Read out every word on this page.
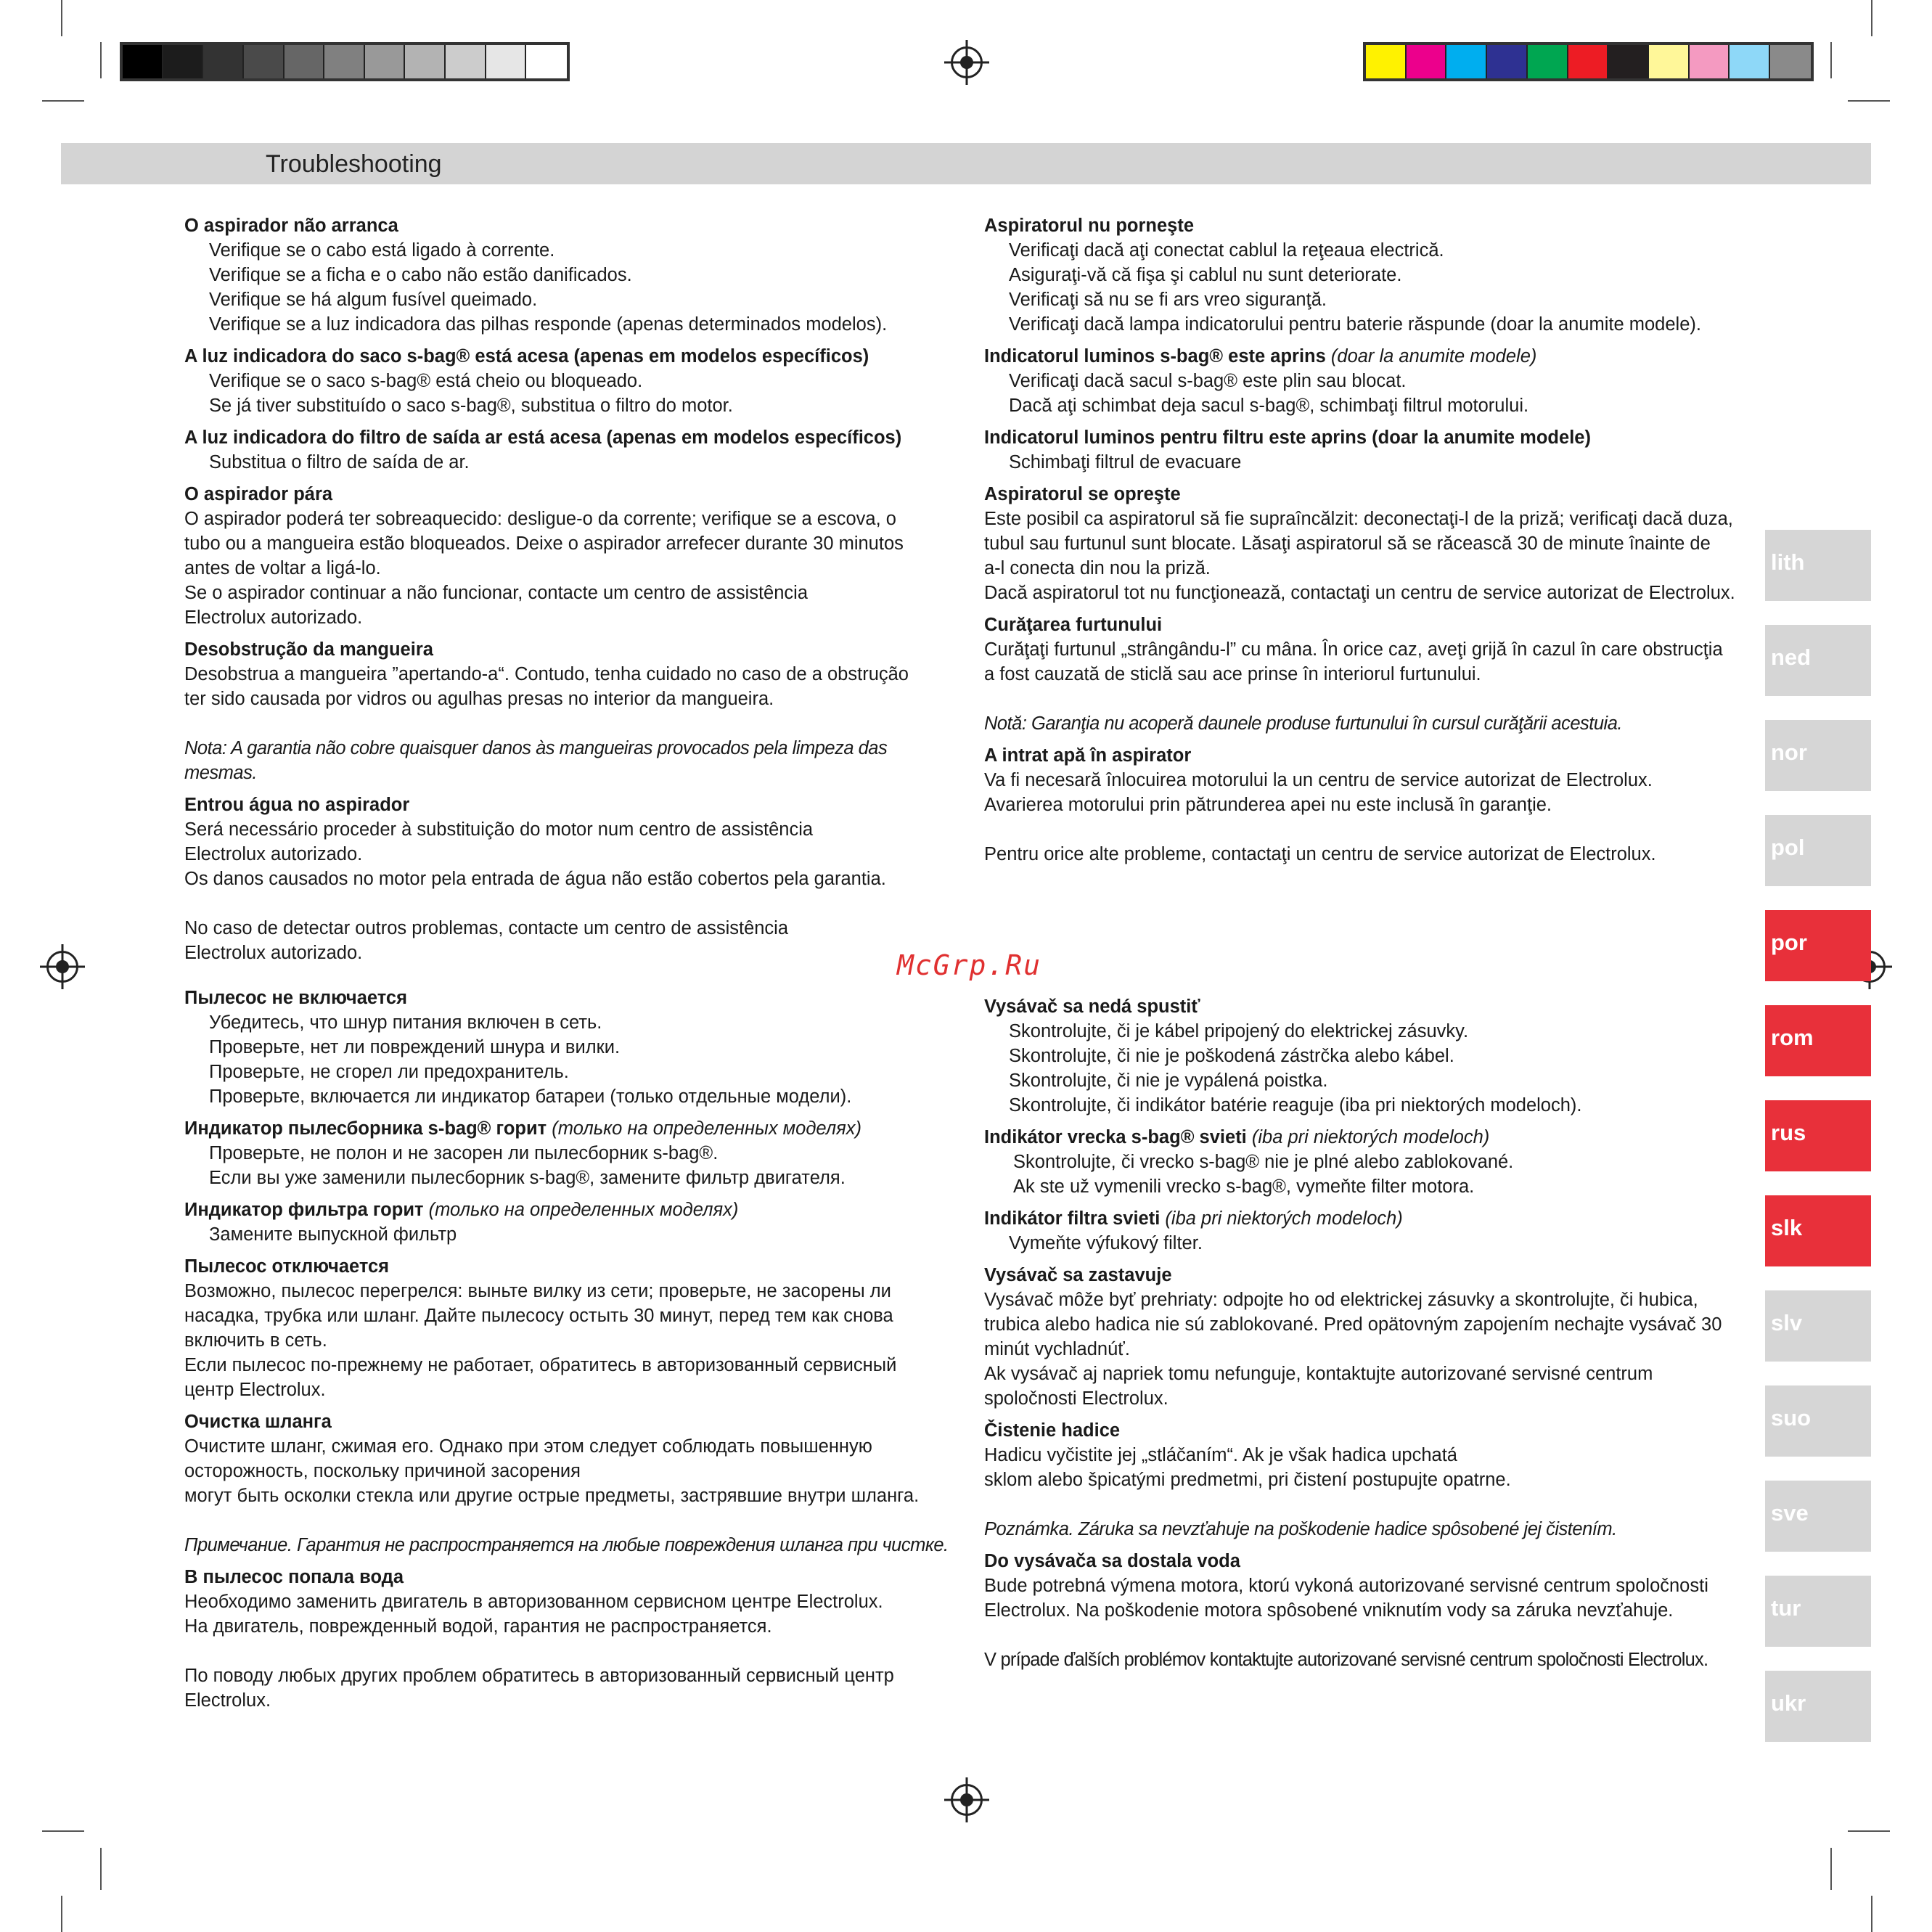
Troubleshooting
O aspirador não arranca
Verifique se o cabo está ligado à corrente.
Verifique se a ficha e o cabo não estão danificados.
Verifique se há algum fusível queimado.
Verifique se a luz indicadora das pilhas responde (apenas determinados modelos).
A luz indicadora do saco s-bag® está acesa (apenas em modelos específicos)
Verifique se o saco s-bag® está cheio ou bloqueado.
Se já tiver substituído o saco s-bag®, substitua o filtro do motor.
A luz indicadora do filtro de saída ar está acesa (apenas em modelos específicos)
Substitua o filtro de saída de ar.
O aspirador pára
O aspirador poderá ter sobreaquecido: desligue-o da corrente; verifique se a escova, o
tubo ou a mangueira estão bloqueados. Deixe o aspirador arrefecer durante 30 minutos
antes de voltar a ligá-lo.
Se o aspirador continuar a não funcionar, contacte um centro de assistência
Electrolux autorizado.
Desobstrução da mangueira
Desobstrua a mangueira ”apertando-a“. Contudo, tenha cuidado no caso de a obstrução
ter sido causada por vidros ou agulhas presas no interior da mangueira.
Nota: A garantia não cobre quaisquer danos às mangueiras provocados pela limpeza das mesmas.
Entrou água no aspirador
Será necessário proceder à substituição do motor num centro de assistência
Electrolux autorizado.
Os danos causados no motor pela entrada de água não estão cobertos pela garantia.
No caso de detectar outros problemas, contacte um centro de assistência
Electrolux autorizado.
Aspiratorul nu porneşte
Verificaţi dacă aţi conectat cablul la reţeaua electrică.
Asiguraţi-vă că fişa şi cablul nu sunt deteriorate.
Verificaţi să nu se fi ars vreo siguranţă.
Verificaţi dacă lampa indicatorului pentru baterie răspunde (doar la anumite modele).
Indicatorul luminos s-bag® este aprins (doar la anumite modele)
Verificaţi dacă sacul s-bag® este plin sau blocat.
Dacă aţi schimbat deja sacul s-bag®, schimbaţi filtrul motorului.
Indicatorul luminos pentru filtru este aprins (doar la anumite modele)
Schimbaţi filtrul de evacuare
Aspiratorul se opreşte
Este posibil ca aspiratorul să fie supraîncălzit: deconectaţi-l de la priză; verificaţi dacă duza,
tubul sau furtunul sunt blocate. Lăsaţi aspiratorul să se răcească 30 de minute înainte de
a-l conecta din nou la priză.
Dacă aspiratorul tot nu funcţionează, contactaţi un centru de service autorizat de Electrolux.
Curăţarea furtunului
Curăţaţi furtunul „strângându-l” cu mâna. În orice caz, aveţi grijă în cazul în care obstrucţia
a fost cauzată de sticlă sau ace prinse în interiorul furtunului.
Notă: Garanţia nu acoperă daunele produse furtunului în cursul curăţării acestuia.
A intrat apă în aspirator
Va fi necesară înlocuirea motorului la un centru de service autorizat de Electrolux.
Avarierea motorului prin pătrunderea apei nu este inclusă în garanţie.
Pentru orice alte probleme, contactaţi un centru de service autorizat de Electrolux.
McGrp.Ru
Пылесос не включается
Убедитесь, что шнур питания включен в сеть.
Проверьте, нет ли повреждений шнура и вилки.
Проверьте, не сгорел ли предохранитель.
Проверьте, включается ли индикатор батареи (только отдельные модели).
Индикатор пылесборника s-bag® горит (только на определенных моделях)
Проверьте, не полон и не засорен ли пылесборник s-bag®.
Если вы уже заменили пылесборник s-bag®, замените фильтр двигателя.
Индикатор фильтра горит (только на определенных моделях)
Замените выпускной фильтр
Пылесос отключается
Возможно, пылесос перегрелся: выньте вилку из сети; проверьте, не засорены ли
насадка, трубка или шланг. Дайте пылесосу остыть 30 минут, перед тем как снова
включить в сеть.
Если пылесос по-прежнему не работает, обратитесь в авторизованный сервисный
центр Electrolux.
Очистка шланга
Очистите шланг, сжимая его. Однако при этом следует соблюдать повышенную
осторожность, поскольку причиной засорения
могут быть осколки стекла или другие острые предметы, застрявшие внутри шланга.
Примечание. Гарантия не распространяется на любые повреждения шланга при чистке.
В пылесос попала вода
Необходимо заменить двигатель в авторизованном сервисном центре Electrolux.
На двигатель, поврежденный водой, гарантия не распространяется.
По поводу любых других проблем обратитесь в авторизованный сервисный центр
Electrolux.
Vysávač sa nedá spustiť
Skontrolujte, či je kábel pripojený do elektrickej zásuvky.
Skontrolujte, či nie je poškodená zástrčka alebo kábel.
Skontrolujte, či nie je vypálená poistka.
Skontrolujte, či indikátor batérie reaguje (iba pri niektorých modeloch).
Indikátor vrecka s-bag® svieti (iba pri niektorých modeloch)
Skontrolujte, či vrecko s-bag® nie je plné alebo zablokované.
Ak ste už vymenili vrecko s-bag®, vymeňte filter motora.
Indikátor filtra svieti (iba pri niektorých modeloch)
Vymeňte výfukový filter.
Vysávač sa zastavuje
Vysávač môže byť prehriaty: odpojte ho od elektrickej zásuvky a skontrolujte, či hubica,
trubica alebo hadica nie sú zablokované. Pred opätovným zapojením nechajte vysávač 30
minút vychladnúť.
Ak vysávač aj napriek tomu nefunguje, kontaktujte autorizované servisné centrum
spoločnosti Electrolux.
Čistenie hadice
Hadicu vyčistite jej „stláčaním“. Ak je však hadica upchatá
sklom alebo špicatými predmetmi, pri čistení postupujte opatrne.
Poznámka. Záruka sa nevzťahuje na poškodenie hadice spôsobené jej čistením.
Do vysávača sa dostala voda
Bude potrebná výmena motora, ktorú vykoná autorizované servisné centrum spoločnosti
Electrolux. Na poškodenie motora spôsobené vniknutím vody sa záruka nevzťahuje.
V prípade ďalších problémov kontaktujte autorizované servisné centrum spoločnosti Electrolux.
lith
ned
nor
pol
por
rom
rus
slk
slv
suo
sve
tur
ukr
